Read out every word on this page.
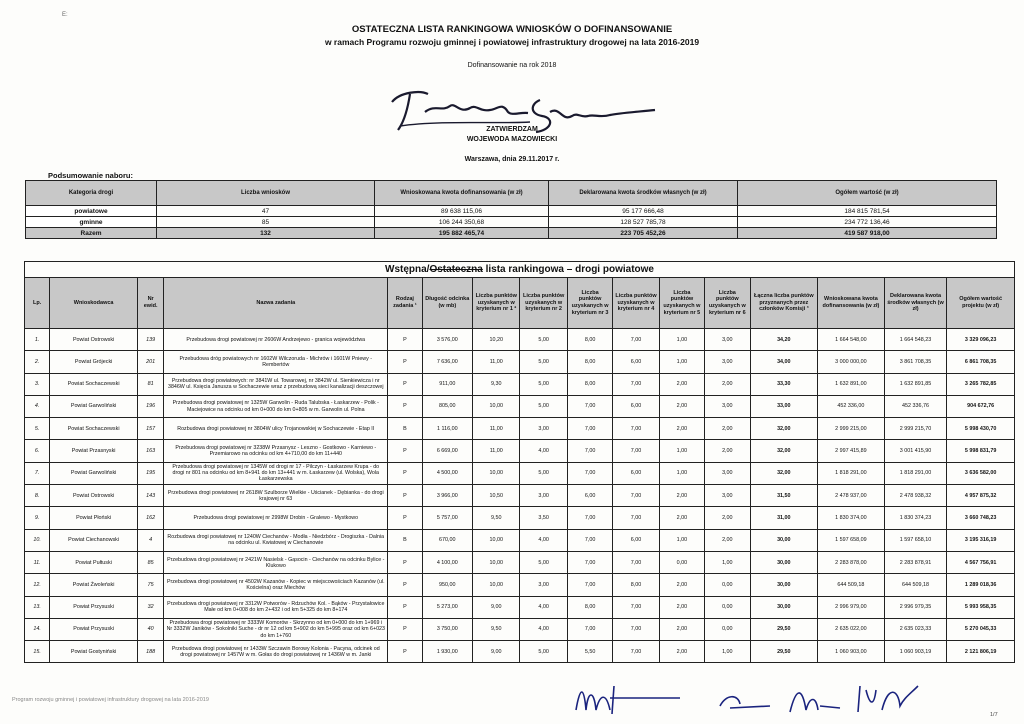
E:
OSTATECZNA LISTA RANKINGOWA WNIOSKÓW O DOFINANSOWANIE
w ramach Programu rozwoju gminnej i powiatowej infrastruktury drogowej na lata 2016-2019
Dofinansowanie na rok 2018
ZATWIERDZAM
WOJEWODA MAZOWIECKI
Warszawa, dnia 29.11.2017 r.
Podsumowanie naboru:
Kategoria drogi	Liczba wniosków	Wnioskowana kwota dofinansowania (w zł)	Deklarowana kwota środków własnych (w zł)	Ogółem wartość (w zł)
powiatowe	47	89 638 115,06	95 177 666,48	184 815 781,54
gminne	85	106 244 350,68	128 527 785,78	234 772 136,46
Razem	132	195 882 465,74	223 705 452,26	419 587 918,00
Wstępna/Ostateczna lista rankingowa – drogi powiatowe
Lp.	Wnioskodawca	Nr ewid.	Nazwa zadania	Rodzaj zadania ¹	Długość odcinka (w mb)	Liczba punktów uzyskanych w kryterium nr 1 ²	Liczba punktów uzyskanych w kryterium nr 2	Liczba punktów uzyskanych w kryterium nr 3	Liczba punktów uzyskanych w kryterium nr 4	Liczba punktów uzyskanych w kryterium nr 5	Liczba punktów uzyskanych w kryterium nr 6	Łączna liczba punktów przyznanych przez członków Komisji ³	Wnioskowana kwota dofinansowania (w zł)	Deklarowana kwota środków własnych (w zł)	Ogółem wartość projektu (w zł)
1.	Powiat Ostrowski	139	Przebudowa drogi powiatowej nr 2606W Andrzejewo - granica województwa	P	3 576,00	10,20	5,00	8,00	7,00	1,00	3,00	34,20	1 664 548,00	1 664 548,23	3 329 096,23
2.	Powiat Grójecki	201	Przebudowa dróg powiatowych nr 1602W Wilczoruda - Michrów i 1601W Pniewy - Rembertów	P	7 636,00	11,00	5,00	8,00	6,00	1,00	3,00	34,00	3 000 000,00	3 861 708,35	6 861 708,35
3.	Powiat Sochaczewski	81	Przebudowa drogi powiatowych: nr 3841W ul. Towarowej, nr 3842W ul. Sienkiewicza i nr 3846W ul. Księcia Janusza w Sochaczewie wraz z przebudową sieci kanalizacji deszczowej	P	911,00	9,30	5,00	8,00	7,00	2,00	2,00	33,30	1 632 891,00	1 632 891,85	3 265 782,85
4.	Powiat Garwoliński	196	Przebudowa drogi powiatowej nr 1325W Garwolin - Ruda Talubska - Łaskarzew - Polik - Maciejowice na odcinku od km 0+000 do km 0+805 w m. Garwolin ul. Polna	P	805,00	10,00	5,00	7,00	6,00	2,00	3,00	33,00	452 336,00	452 336,76	904 672,76
5.	Powiat Sochaczewski	157	Rozbudowa drogi powiatowej nr 3804W ulicy Trojanowskiej w Sochaczewie - Etap II	B	1 116,00	11,00	3,00	7,00	7,00	2,00	2,00	32,00	2 999 215,00	2 999 215,70	5 998 430,70
6.	Powiat Przasnyski	163	Przebudowa drogi powiatowej nr 3238W Przasnysz - Leszno - Gostkowo - Karniewo - Przemiarowo na odcinku od km 4+710,00 do km 11+440	P	6 669,00	11,00	4,00	7,00	7,00	1,00	2,00	32,00	2 997 415,89	3 001 415,90	5 998 831,79
7.	Powiat Garwoliński	195	Przebudowa drogi powiatowej nr 1345W od drogi nr 17 - Pilczyn - Łaskarzew Krupa - do drogi nr 801 na odcinku od km 8+941 do km 13+441 w m. Łaskarzew (ul. Wolska), Wola Łaskarzewska	P	4 500,00	10,00	5,00	7,00	6,00	1,00	3,00	32,00	1 818 291,00	1 818 291,00	3 636 582,00
8.	Powiat Ostrowski	143	Przebudowa drogi powiatowej nr 2618W Szulborze Wielkie - Uścianek - Dębianka - do drogi krajowej nr 63	P	3 966,00	10,50	3,00	6,00	7,00	2,00	3,00	31,50	2 478 937,00	2 478 938,32	4 957 875,32
9.	Powiat Płoński	162	Przebudowa drogi powiatowej nr 2998W Drobin - Gralewo - Mystkowo	P	5 757,00	9,50	3,50	7,00	7,00	2,00	2,00	31,00	1 830 374,00	1 830 374,23	3 660 748,23
10.	Powiat Ciechanowski	4	Rozbudowa drogi powiatowej nr 1240W Ciechanów - Modła - Niedzbórz - Drogiszka - Dalnia na odcinku ul. Kwiatowej w Ciechanowie	B	670,00	10,00	4,00	7,00	6,00	1,00	2,00	30,00	1 597 658,09	1 597 658,10	3 195 316,19
11.	Powiat Pułtuski	85	Przebudowa drogi powiatowej nr 2421W Nasielsk - Gąsocin - Ciechanów na odcinku Bylice - Klukowo	P	4 100,00	10,00	5,00	7,00	7,00	0,00	1,00	30,00	2 283 878,00	2 283 878,91	4 567 756,91
12.	Powiat Żwoleński	75	Przebudowa drogi powiatowej nr 4502W Kazanów - Kopiec w miejscowościach Kazanów (ul. Kościelna) oraz Miechów	P	950,00	10,00	3,00	7,00	8,00	2,00	0,00	30,00	644 509,18	644 509,18	1 289 018,36
13.	Powiat Przysuski	32	Przebudowa drogi powiatowej nr 3312W Potworów - Rdzuchów Kol. - Bąków - Przystałowice Małe od km 0+008 do km 2+432 i od km 5+325 do km 8+174	P	5 273,00	9,00	4,00	8,00	7,00	2,00	0,00	30,00	2 996 979,00	2 996 979,35	5 993 958,35
14.	Powiat Przysuski	40	Przebudowa drogi powiatowej nr 3333W Komorów - Skrzynno od km 0+000 do km 1+969 i Nr 3332W Janików - Sokolniki Suche - dr nr 12 od km 5+902 do km 5+995 oraz od km 6+023 do km 1+760	P	3 750,00	9,50	4,00	7,00	7,00	2,00	0,00	29,50	2 635 022,00	2 635 023,33	5 270 045,33
15.	Powiat Gostyniński	188	Przebudowa drogi powiatowej nr 1433W Szczawin Borowy Kolonia - Pacyna, odcinek od drogi powiatowej nr 1457W w m. Gołas do drogi powiatowej nr 1436W w m. Janki	P	1 930,00	9,00	5,00	5,50	7,00	2,00	1,00	29,50	1 060 903,00	1 060 903,19	2 121 806,19
Program rozwoju gminnej i powiatowej infrastruktury drogowej na lata 2016-2019
1/7
